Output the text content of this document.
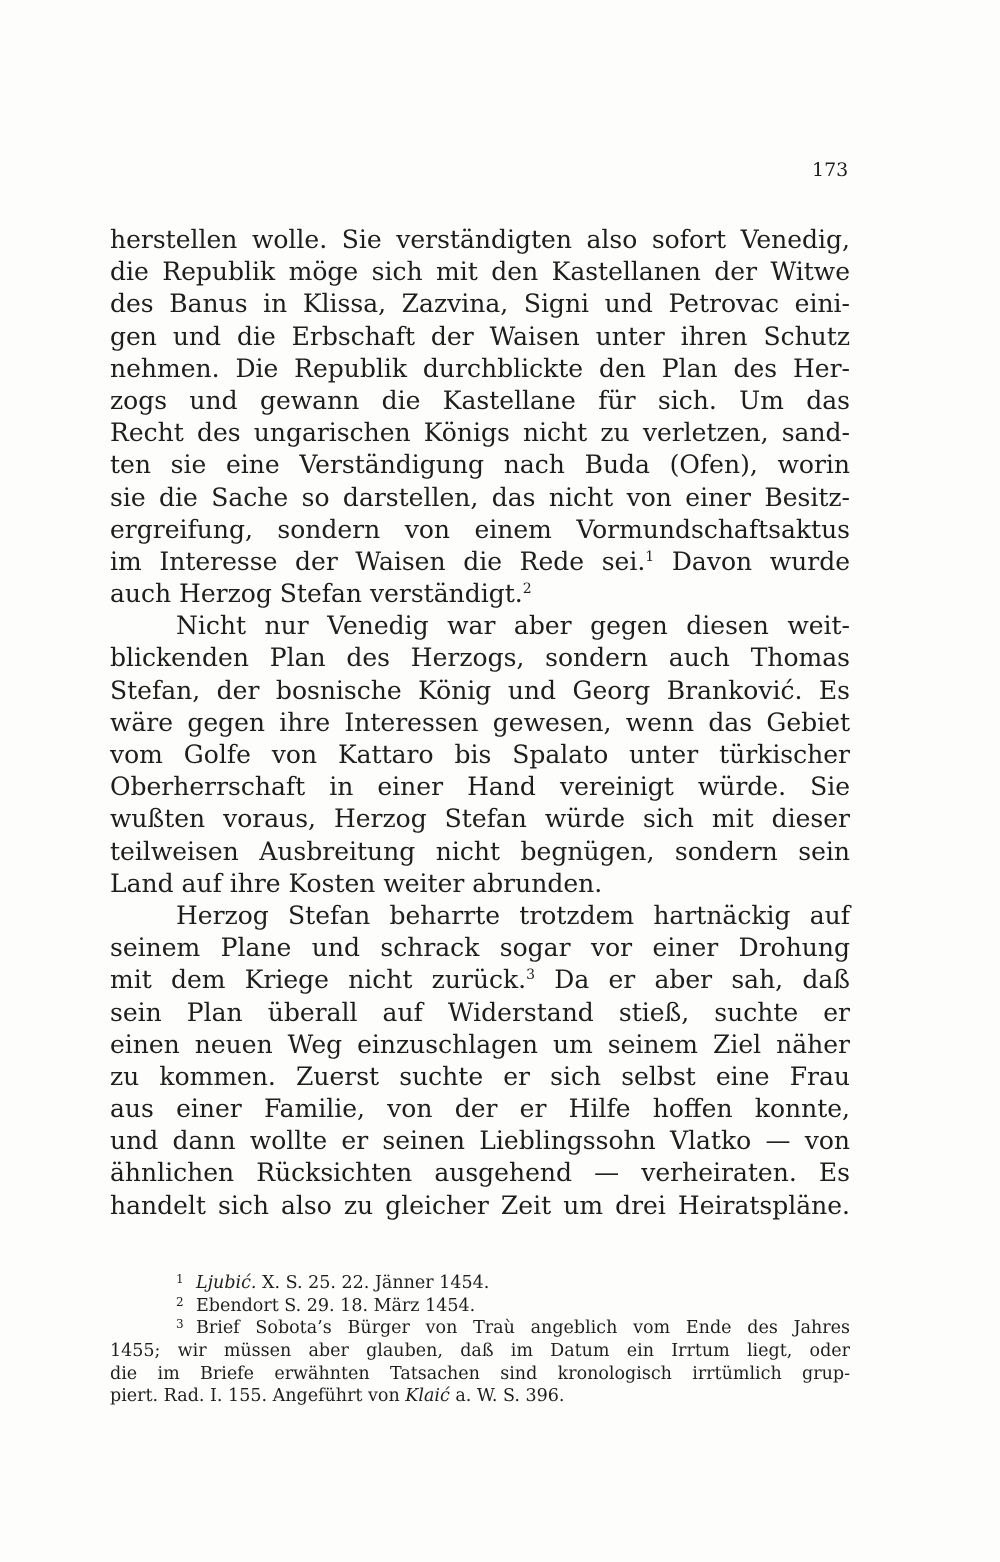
173
herstellen wolle. Sie verständigten also sofort Venedig,
die Republik möge sich mit den Kastellanen der Witwe
des Banus in Klissa, Zazvina, Signi und Petrovac eini-
gen und die Erbschaft der Waisen unter ihren Schutz
nehmen. Die Republik durchblickte den Plan des Her-
zogs und gewann die Kastellane für sich. Um das
Recht des ungarischen Königs nicht zu verletzen, sand-
ten sie eine Verständigung nach Buda (Ofen), worin
sie die Sache so darstellen, das nicht von einer Besitz-
ergreifung, sondern von einem Vormundschaftsaktus
im Interesse der Waisen die Rede sei.$^1$ Davon wurde
auch Herzog Stefan verständigt.$^2$
Nicht nur Venedig war aber gegen diesen weit-
blickenden Plan des Herzogs, sondern auch Thomas
Stefan, der bosnische König und Georg Branković. Es
wäre gegen ihre Interessen gewesen, wenn das Gebiet
vom Golfe von Kattaro bis Spalato unter türkischer
Oberherrschaft in einer Hand vereinigt würde. Sie
wußten voraus, Herzog Stefan würde sich mit dieser
teilweisen Ausbreitung nicht begnügen, sondern sein
Land auf ihre Kosten weiter abrunden.
Herzog Stefan beharrte trotzdem hartnäckig auf
seinem Plane und schrack sogar vor einer Drohung
mit dem Kriege nicht zurück.$^3$ Da er aber sah, daß
sein Plan überall auf Widerstand stieß, suchte er
einen neuen Weg einzuschlagen um seinem Ziel näher
zu kommen. Zuerst suchte er sich selbst eine Frau
aus einer Familie, von der er Hilfe hoffen konnte,
und dann wollte er seinen Lieblingssohn Vlatko — von
ähnlichen Rücksichten ausgehend — verheiraten. Es
handelt sich also zu gleicher Zeit um drei Heiratspläne.
1 Ljubić. X. S. 25. 22. Jänner 1454.
2 Ebendort S. 29. 18. März 1454.
3 Brief Sobota’s Bürger von Traù angeblich vom Ende des Jahres
1455; wir müssen aber glauben, daß im Datum ein Irrtum liegt, oder
die im Briefe erwähnten Tatsachen sind kronologisch irrtümlich grup-
piert. Rad. I. 155. Angeführt von Klaić a. W. S. 396.
